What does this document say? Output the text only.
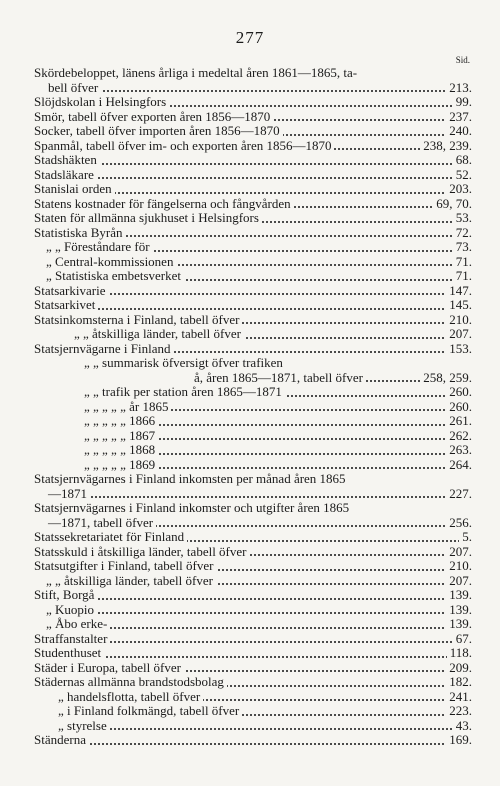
277
Sid.
Skördebeloppet, länens årliga i medeltal åren 1861—1865, ta-
bell öfver	213.
Slöjdskolan i Helsingfors	99.
Smör, tabell öfver exporten åren 1856—1870	237.
Socker, tabell öfver importen åren 1856—1870	240.
Spanmål, tabell öfver im- och exporten åren 1856—1870	238, 239.
Stadshäkten	68.
Stadsläkare	52.
Stanislai orden	203.
Statens kostnader för fängelserna och fångvården	69, 70.
Staten för allmänna sjukhuset i Helsingfors	53.
Statistiska Byrån	72.
„ „ Föreståndare för	73.
„ Central-kommissionen	71.
„ Statistiska embetsverket	71.
Statsarkivarie	147.
Statsarkivet	145.
Statsinkomsterna i Finland, tabell öfver	210.
„ „ åtskilliga länder, tabell öfver	207.
Statsjernvägarne i Finland	153.
„ „ summarisk öfversigt öfver trafiken
å, åren 1865—1871, tabell öfver	258, 259.
„ „ trafik per station åren 1865—1871	260.
„ „ „ „ „ år 1865	260.
„ „ „ „ „ 1866	261.
„ „ „ „ „ 1867	262.
„ „ „ „ „ 1868	263.
„ „ „ „ „ 1869	264.
Statsjernvägarnes i Finland inkomsten per månad åren 1865
—1871	227.
Statsjernvägarnes i Finland inkomster och utgifter åren 1865
—1871, tabell öfver	256.
Statssekretariatet för Finland	5.
Statsskuld i åtskilliga länder, tabell öfver	207.
Statsutgifter i Finland, tabell öfver	210.
„ „ åtskilliga länder, tabell öfver	207.
Stift, Borgå	139.
„ Kuopio	139.
„ Åbo erke-	139.
Straffanstalter	67.
Studenthuset	118.
Städer i Europa, tabell öfver	209.
Städernas allmänna brandstodsbolag	182.
„ handelsflotta, tabell öfver	241.
„ i Finland folkmängd, tabell öfver	223.
„ styrelse	43.
Ständerna	169.
